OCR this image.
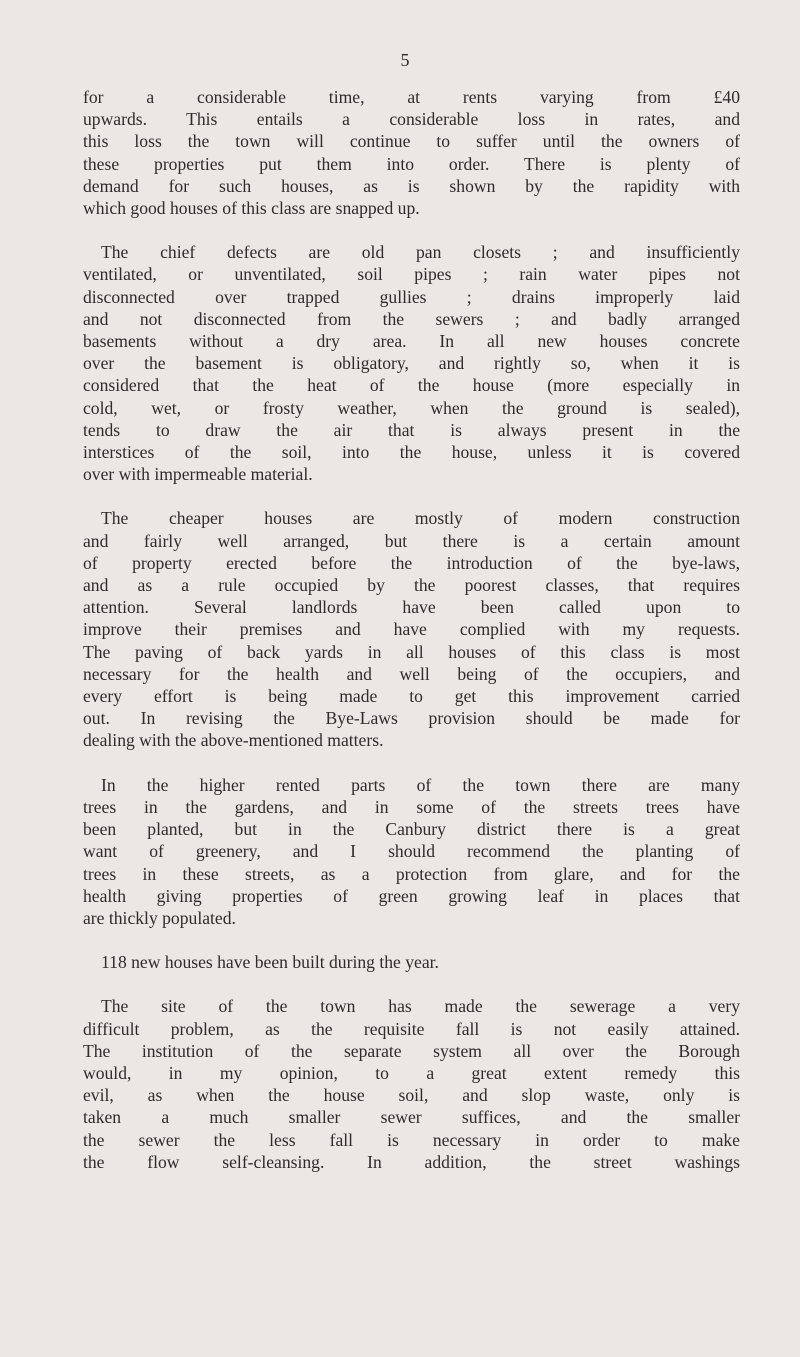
5
for a considerable time, at rents varying from £40
upwards. This entails a considerable loss in rates, and
this loss the town will continue to suffer until the owners of
these properties put them into order. There is plenty of
demand for such houses, as is shown by the rapidity with
which good houses of this class are snapped up.
The chief defects are old pan closets ; and insufficiently
ventilated, or unventilated, soil pipes ; rain water pipes not
disconnected over trapped gullies ; drains improperly laid
and not disconnected from the sewers ; and badly arranged
basements without a dry area. In all new houses concrete
over the basement is obligatory, and rightly so, when it is
considered that the heat of the house (more especially in
cold, wet, or frosty weather, when the ground is sealed),
tends to draw the air that is always present in the
interstices of the soil, into the house, unless it is covered
over with impermeable material.
The cheaper houses are mostly of modern construction
and fairly well arranged, but there is a certain amount
of property erected before the introduction of the bye-laws,
and as a rule occupied by the poorest classes, that requires
attention. Several landlords have been called upon to
improve their premises and have complied with my requests.
The paving of back yards in all houses of this class is most
necessary for the health and well being of the occupiers, and
every effort is being made to get this improvement carried
out. In revising the Bye-Laws provision should be made for
dealing with the above-mentioned matters.
In the higher rented parts of the town there are many
trees in the gardens, and in some of the streets trees have
been planted, but in the Canbury district there is a great
want of greenery, and I should recommend the planting of
trees in these streets, as a protection from glare, and for the
health giving properties of green growing leaf in places that
are thickly populated.
118 new houses have been built during the year.
The site of the town has made the sewerage a very
difficult problem, as the requisite fall is not easily attained.
The institution of the separate system all over the Borough
would, in my opinion, to a great extent remedy this
evil, as when the house soil, and slop waste, only is
taken a much smaller sewer suffices, and the smaller
the sewer the less fall is necessary in order to make
the flow self-cleansing. In addition, the street washings
